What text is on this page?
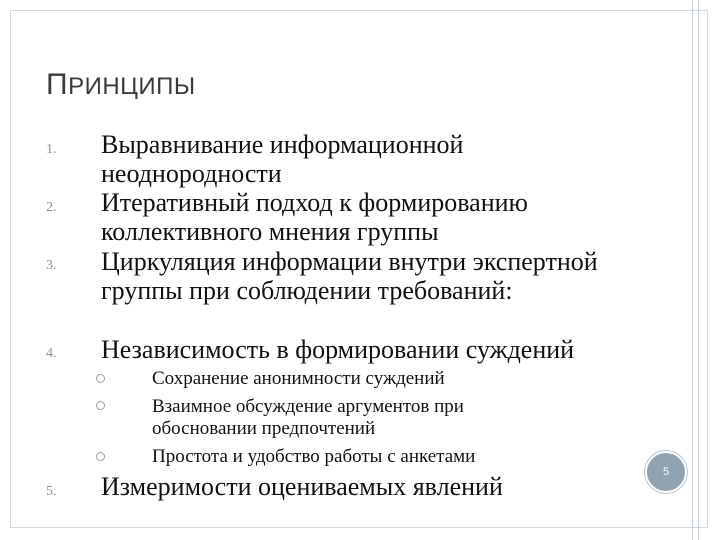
ПРИНЦИПЫ
1. Выравнивание информационной неоднородности
2. Итеративный подход к формированию коллективного мнения группы
3. Циркуляция информации внутри экспертной группы при соблюдении требований:
4. Независимость в формировании суждений
Сохранение анонимности суждений
Взаимное обсуждение аргументов при обосновании предпочтений
Простота и удобство работы с анкетами
5. Измеримости оцениваемых явлений	5
